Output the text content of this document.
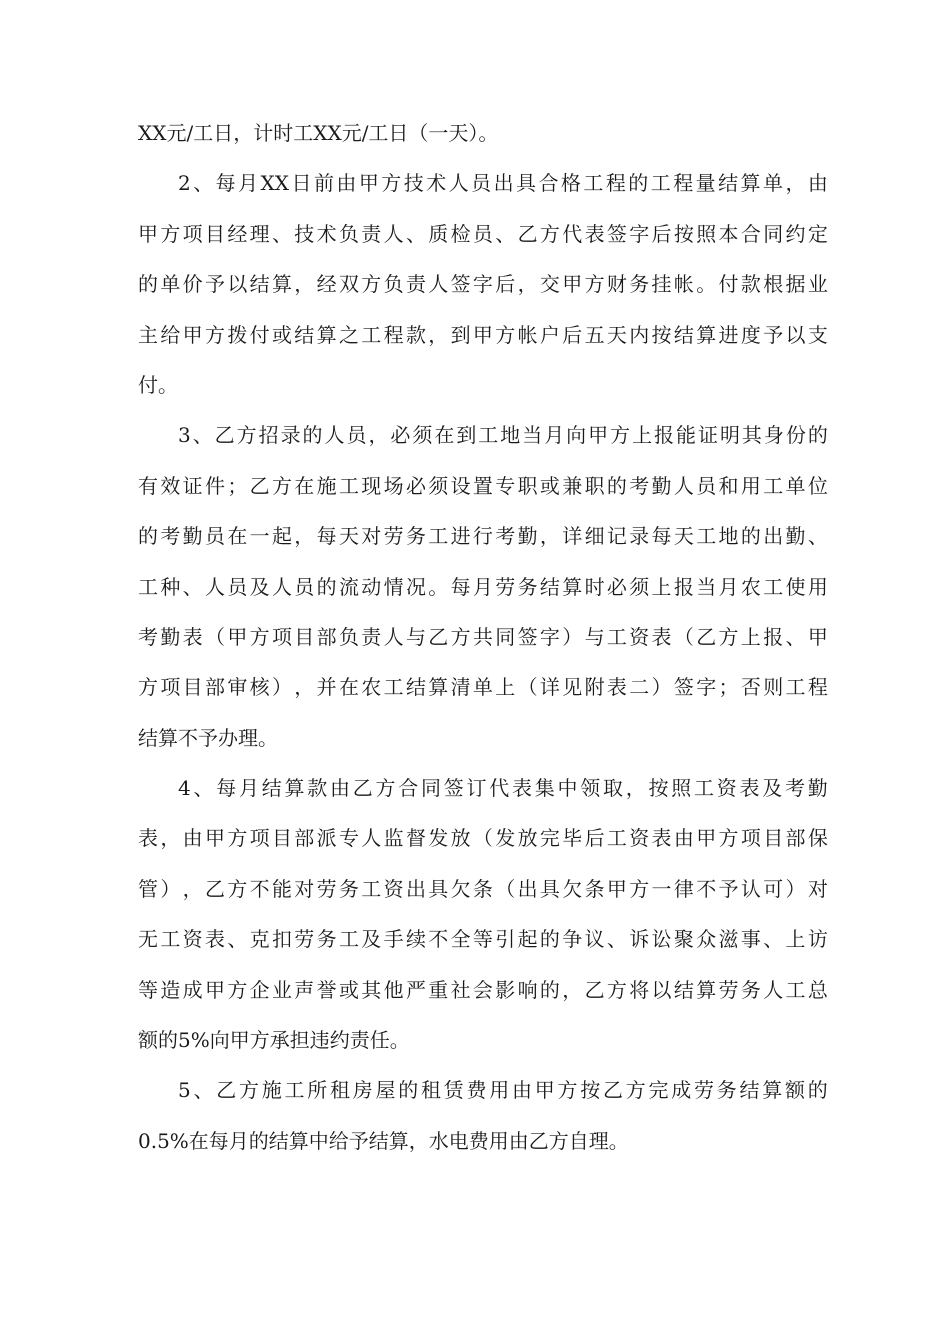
XX元/工日，计时工XX元/工日（一天）。
2 、 每 月 XX 日 前 由 甲 方 技 术 人 员 出 具 合 格 工 程 的 工 程 量 结 算 单 ， 由
甲 方 项 目 经 理 、 技 术 负 责 人 、 质 检 员 、 乙 方 代 表 签 字 后 按 照 本 合 同 约 定
的 单 价 予 以 结 算 ， 经 双 方 负 责 人 签 字 后 ， 交 甲 方 财 务 挂 帐 。 付 款 根 据 业
主 给 甲 方 拨 付 或 结 算 之 工 程 款 ， 到 甲 方 帐 户 后 五 天 内 按 结 算 进 度 予 以 支
付。
3 、 乙 方 招 录 的 人 员 ， 必 须 在 到 工 地 当 月 向 甲 方 上 报 能 证 明 其 身 份 的
有 效 证 件 ； 乙 方 在 施 工 现 场 必 须 设 置 专 职 或 兼 职 的 考 勤 人 员 和 用 工 单 位
的 考 勤 员 在 一 起 ， 每 天 对 劳 务 工 进 行 考 勤 ， 详 细 记 录 每 天 工 地 的 出 勤 、
工 种 、 人 员 及 人 员 的 流 动 情 况 。 每 月 劳 务 结 算 时 必 须 上 报 当 月 农 工 使 用
考 勤 表 （ 甲 方 项 目 部 负 责 人 与 乙 方 共 同 签 字 ） 与 工 资 表 （ 乙 方 上 报 、 甲
方 项 目 部 审 核 ） ， 并 在 农 工 结 算 清 单 上 （ 详 见 附 表 二 ） 签 字 ； 否 则 工 程
结算不予办理。
4 、 每 月 结 算 款 由 乙 方 合 同 签 订 代 表 集 中 领 取 ， 按 照 工 资 表 及 考 勤
表 ， 由 甲 方 项 目 部 派 专 人 监 督 发 放 （ 发 放 完 毕 后 工 资 表 由 甲 方 项 目 部 保
管 ） ， 乙 方 不 能 对 劳 务 工 资 出 具 欠 条 （ 出 具 欠 条 甲 方 一 律 不 予 认 可 ） 对
无 工 资 表 、 克 扣 劳 务 工 及 手 续 不 全 等 引 起 的 争 议 、 诉 讼 聚 众 滋 事 、 上 访
等 造 成 甲 方 企 业 声 誉 或 其 他 严 重 社 会 影 响 的 ， 乙 方 将 以 结 算 劳 务 人 工 总
额的5%向甲方承担违约责任。
5 、 乙 方 施 工 所 租 房 屋 的 租 赁 费 用 由 甲 方 按 乙 方 完 成 劳 务 结 算 额 的
0.5%在每月的结算中给予结算，水电费用由乙方自理。
